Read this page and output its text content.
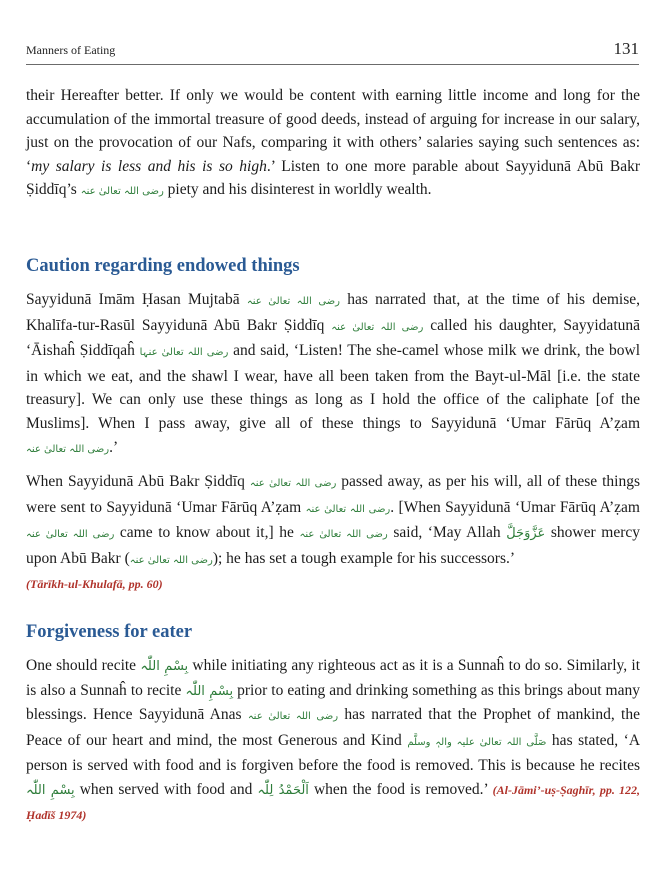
Manners of Eating	131

their Hereafter better. If only we would be content with earning little income and long for the accumulation of the immortal treasure of good deeds, instead of arguing for increase in our salary, just on the provocation of our Nafs, comparing it with others’ salaries saying such sentences as: ‘my salary is less and his is so high.’ Listen to one more parable about Sayyidunā Abū Bakr Ṣiddīq’s رضی اللہ تعالیٰ عنہ piety and his disinterest in worldly wealth.

Caution regarding endowed things

Sayyidunā Imām Ḥasan Mujtabā رضی اللہ تعالیٰ عنہ has narrated that, at the time of his demise, Khalīfa-tur-Rasūl Sayyidunā Abū Bakr Ṣiddīq رضی اللہ تعالیٰ عنہ called his daughter, Sayyidatunā ‘Āishaĥ Ṣiddīqaĥ رضی اللہ تعالیٰ عنہا and said, ‘Listen! The she-camel whose milk we drink, the bowl in which we eat, and the shawl I wear, have all been taken from the Bayt-ul-Māl [i.e. the state treasury]. We can only use these things as long as I hold the office of the caliphate [of the Muslims]. When I pass away, give all of these things to Sayyidunā ‘Umar Fārūq A’ẓam رضی اللہ تعالیٰ عنہ.’

When Sayyidunā Abū Bakr Ṣiddīq رضی اللہ تعالیٰ عنہ passed away, as per his will, all of these things were sent to Sayyidunā ‘Umar Fārūq A’ẓam رضی اللہ تعالیٰ عنہ. [When Sayyidunā ‘Umar Fārūq A’ẓam رضی اللہ تعالیٰ عنہ came to know about it,] he رضی اللہ تعالیٰ عنہ said, ‘May Allah عَزَّوَجَلَّ shower mercy upon Abū Bakr (رضی اللہ تعالیٰ عنہ); he has set a tough example for his successors.’
(Tārīkh-ul-Khulafā, pp. 60)

Forgiveness for eater

One should recite بِسْمِ اللّٰہ while initiating any righteous act as it is a Sunnaĥ to do so. Similarly, it is also a Sunnaĥ to recite بِسْمِ اللّٰہ prior to eating and drinking something as this brings about many blessings. Hence Sayyidunā Anas رضی اللہ تعالیٰ عنہ has narrated that the Prophet of mankind, the Peace of our heart and mind, the most Generous and Kind صَلَّی اللہ تعالیٰ علیہ والہٖ وسلَّم has stated, ‘A person is served with food and is forgiven before the food is removed. This is because he recites بِسْمِ اللّٰہ when served with food and اَلْحَمْدُ لِلّٰہ when the food is removed.’ (Al-Jāmi’-uṣ-Ṣaghīr, pp. 122, Ḥadīš 1974)
